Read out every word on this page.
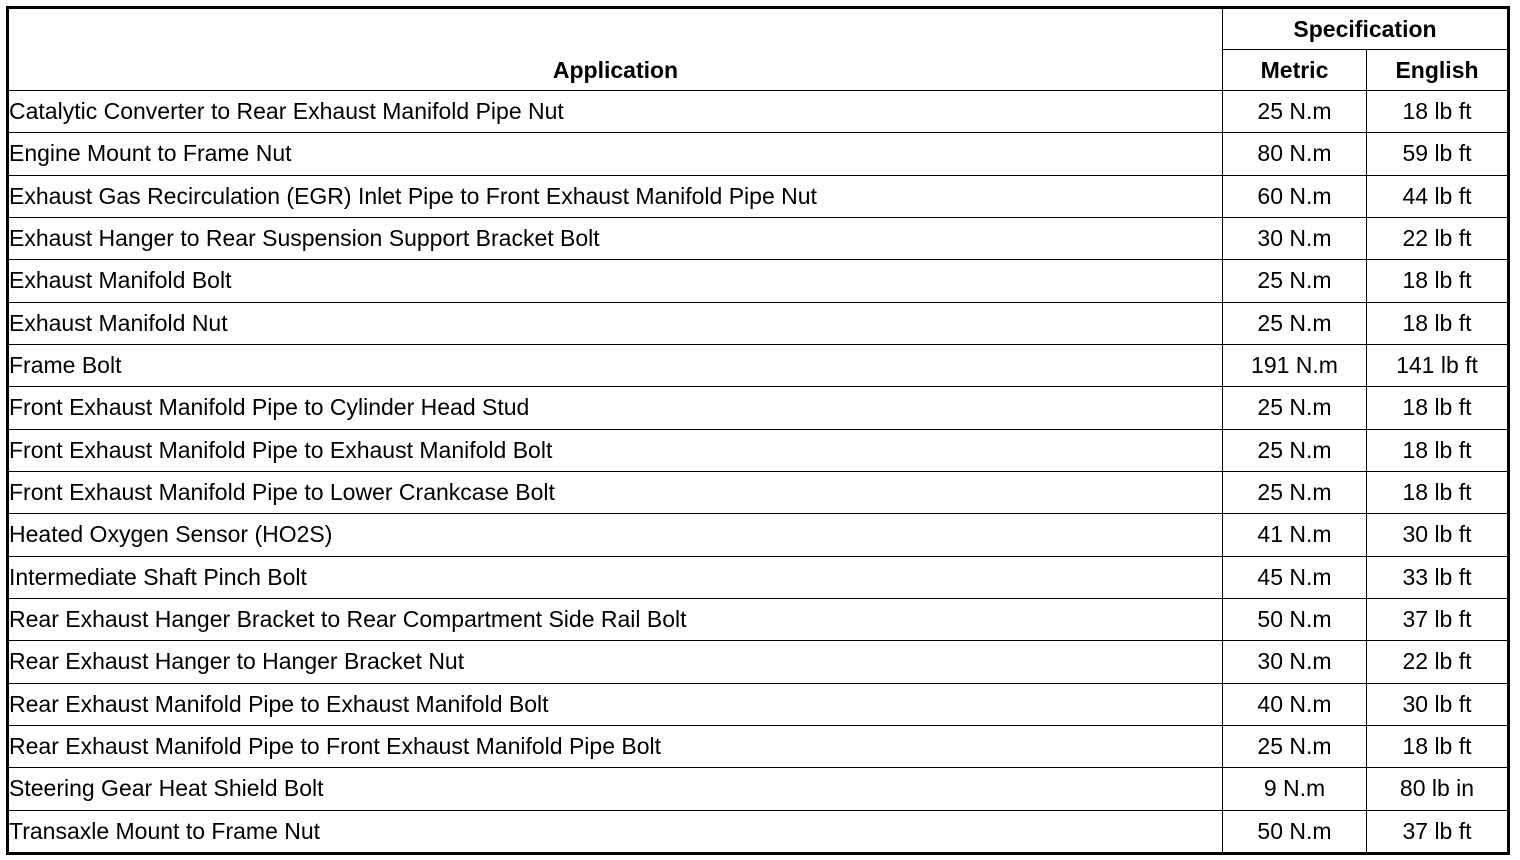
Application	Specification	
	Metric	English
Catalytic Converter to Rear Exhaust Manifold Pipe Nut	25 N.m	18 lb ft
Engine Mount to Frame Nut	80 N.m	59 lb ft
Exhaust Gas Recirculation (EGR) Inlet Pipe to Front Exhaust Manifold Pipe Nut	60 N.m	44 lb ft
Exhaust Hanger to Rear Suspension Support Bracket Bolt	30 N.m	22 lb ft
Exhaust Manifold Bolt	25 N.m	18 lb ft
Exhaust Manifold Nut	25 N.m	18 lb ft
Frame Bolt	191 N.m	141 lb ft
Front Exhaust Manifold Pipe to Cylinder Head Stud	25 N.m	18 lb ft
Front Exhaust Manifold Pipe to Exhaust Manifold Bolt	25 N.m	18 lb ft
Front Exhaust Manifold Pipe to Lower Crankcase Bolt	25 N.m	18 lb ft
Heated Oxygen Sensor (HO2S)	41 N.m	30 lb ft
Intermediate Shaft Pinch Bolt	45 N.m	33 lb ft
Rear Exhaust Hanger Bracket to Rear Compartment Side Rail Bolt	50 N.m	37 lb ft
Rear Exhaust Hanger to Hanger Bracket Nut	30 N.m	22 lb ft
Rear Exhaust Manifold Pipe to Exhaust Manifold Bolt	40 N.m	30 lb ft
Rear Exhaust Manifold Pipe to Front Exhaust Manifold Pipe Bolt	25 N.m	18 lb ft
Steering Gear Heat Shield Bolt	9 N.m	80 lb in
Transaxle Mount to Frame Nut	50 N.m	37 lb ft
